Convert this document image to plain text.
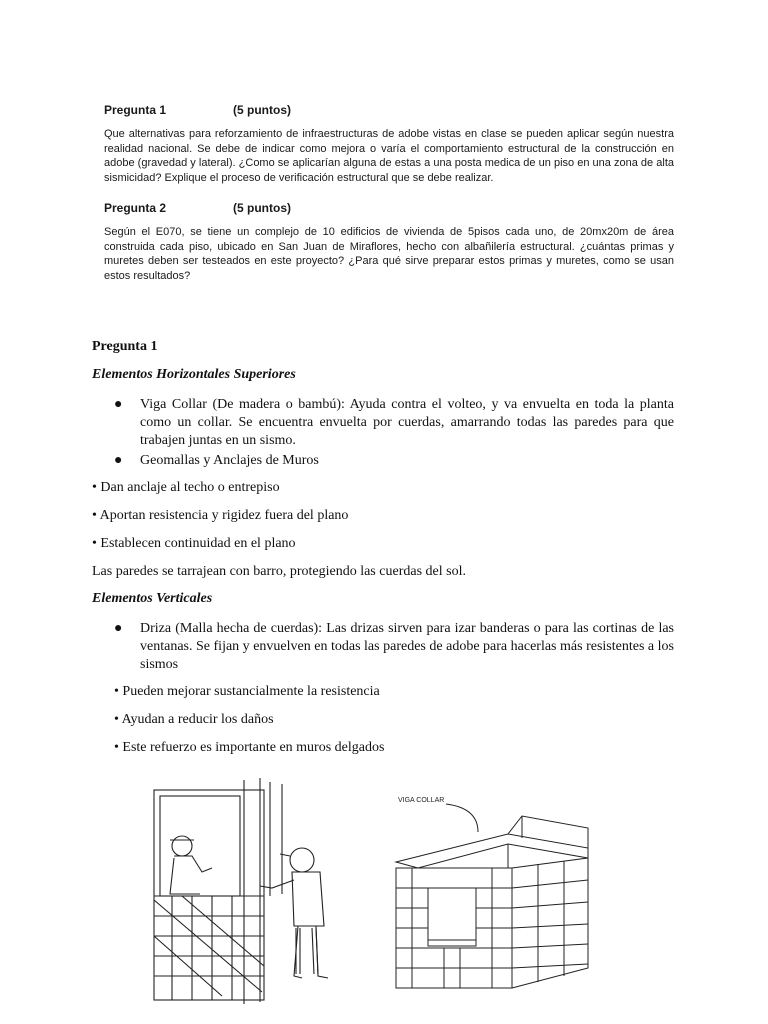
Pregunta 1	(5 puntos)

Que alternativas para reforzamiento de infraestructuras de adobe vistas en clase se pueden aplicar según nuestra realidad nacional. Se debe de indicar como mejora o varía el comportamiento estructural de la construcción en adobe (gravedad y lateral). ¿Como se aplicarían alguna de estas a una posta medica de un piso en una zona de alta sismicidad? Explique el proceso de verificación estructural que se debe realizar.

Pregunta 2	(5 puntos)

Según el E070, se tiene un complejo de 10 edificios de vivienda de 5pisos cada uno, de 20mx20m de área construida cada piso, ubicado en San Juan de Miraflores, hecho con albañilería estructural. ¿cuántas primas y muretes deben ser testeados en este proyecto? ¿Para qué sirve preparar estos primas y muretes, como se usan estos resultados?

Pregunta 1

Elementos Horizontales Superiores

● Viga Collar (De madera o bambú): Ayuda contra el volteo, y va envuelta en toda la planta como un collar. Se encuentra envuelta por cuerdas, amarrando todas las paredes para que trabajen juntas en un sismo.
● Geomallas y Anclajes de Muros

• Dan anclaje al techo o entrepiso

• Aportan resistencia y rigidez fuera del plano

• Establecen continuidad en el plano

Las paredes se tarrajean con barro, protegiendo las cuerdas del sol.

Elementos Verticales

● Driza (Malla hecha de cuerdas): Las drizas sirven para izar banderas o para las cortinas de las ventanas. Se fijan y envuelven en todas las paredes de adobe para hacerlas más resistentes a los sismos

• Pueden mejorar sustancialmente la resistencia

• Ayudan a reducir los daños

• Este refuerzo es importante en muros delgados

VIGA COLLAR
